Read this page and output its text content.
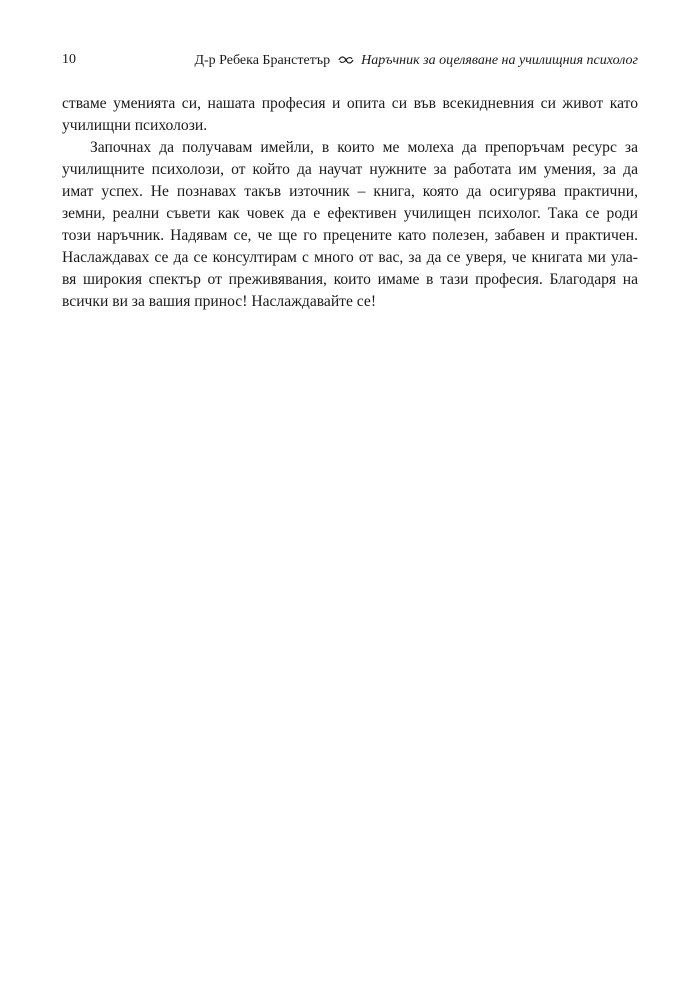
10	Д-р Ребека Бранстетър Наръчник за оцеляване на училищния психолог

стваме уменията си, нашата професия и опита си във всекидневния си живот като
училищни психолози.

Започнах да получавам имейли, в които ме молеха да препоръчам ресурс за
училищните психолози, от който да научат нужните за работата им умения, за да
имат успех. Не познавах такъв източник – книга, която да осигурява практични,
земни, реални съвети как човек да е ефективен училищен психолог. Така се роди
този наръчник. Надявам се, че ще го прецените като полезен, забавен и практичен.
Наслаждавах се да се консултирам с много от вас, за да се уверя, че книгата ми ула-
вя широкия спектър от преживявания, които имаме в тази професия. Благодаря на
всички ви за вашия принос! Наслаждавайте се!
